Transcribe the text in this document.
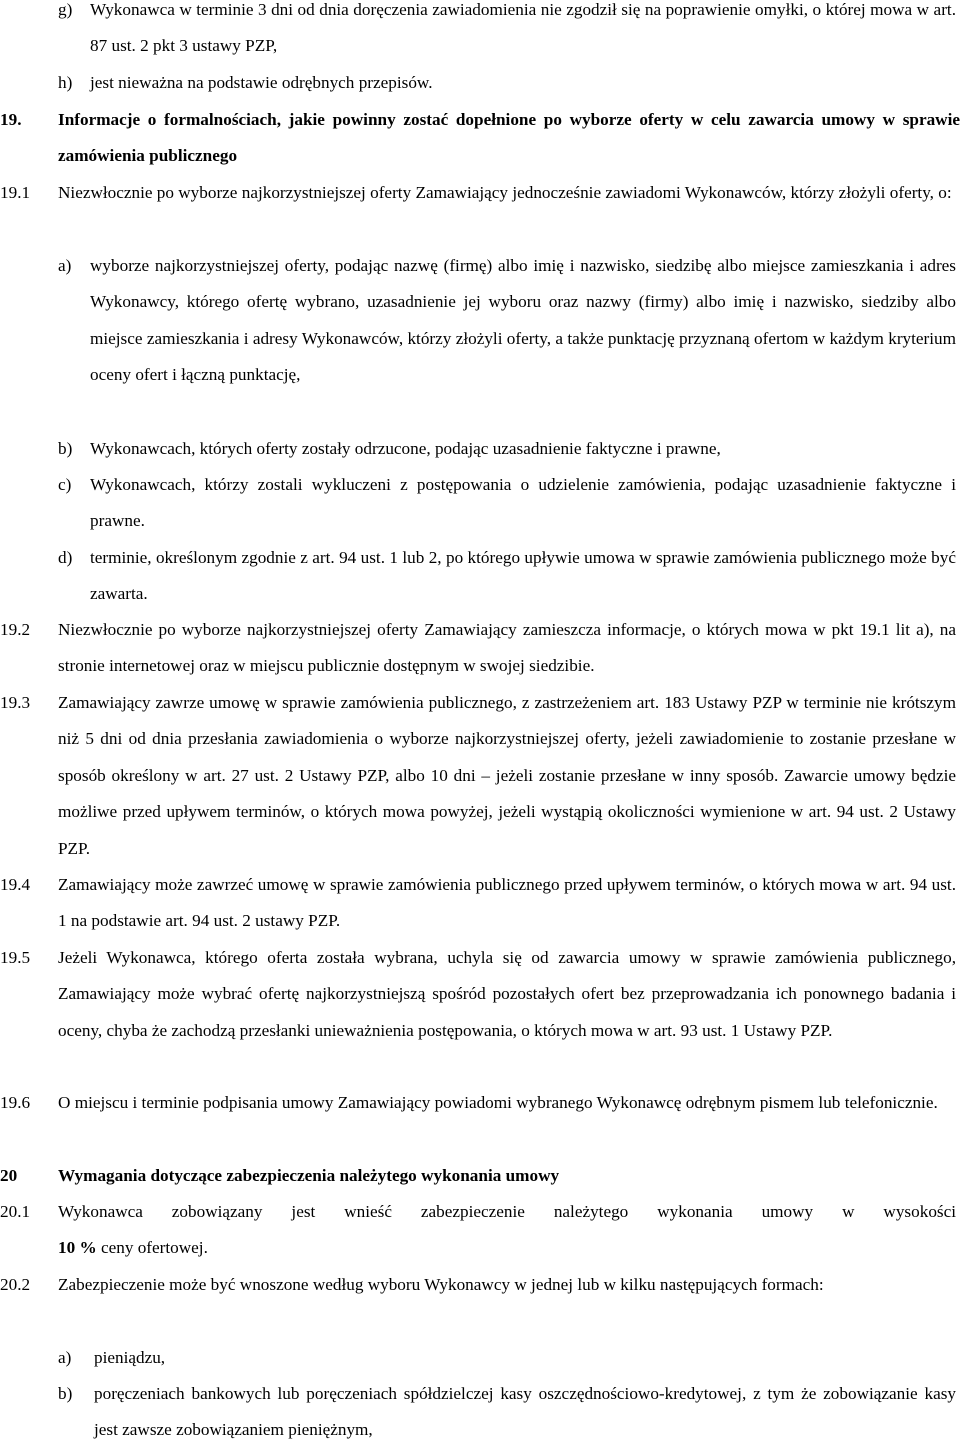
g) Wykonawca w terminie 3 dni od dnia doręczenia zawiadomienia nie zgodził się na poprawienie omyłki, o której mowa w art. 87 ust. 2 pkt 3 ustawy PZP,
h) jest nieważna na podstawie odrębnych przepisów.
19. Informacje o formalnościach, jakie powinny zostać dopełnione po wyborze oferty w celu zawarcia umowy w sprawie zamówienia publicznego
19.1 Niezwłocznie po wyborze najkorzystniejszej oferty Zamawiający jednocześnie zawiadomi Wykonawców, którzy złożyli oferty, o:
a) wyborze najkorzystniejszej oferty, podając nazwę (firmę) albo imię i nazwisko, siedzibę albo miejsce zamieszkania i adres Wykonawcy, którego ofertę wybrano, uzasadnienie jej wyboru oraz nazwy (firmy) albo imię i nazwisko, siedziby albo miejsce zamieszkania i adresy Wykonawców, którzy złożyli oferty, a także punktację przyznaną ofertom w każdym kryterium oceny ofert i łączną punktację,
b) Wykonawcach, których oferty zostały odrzucone, podając uzasadnienie faktyczne i prawne,
c) Wykonawcach, którzy zostali wykluczeni z postępowania o udzielenie zamówienia, podając uzasadnienie faktyczne i prawne.
d) terminie, określonym zgodnie z art. 94 ust. 1 lub 2, po którego upływie umowa w sprawie zamówienia publicznego może być zawarta.
19.2 Niezwłocznie po wyborze najkorzystniejszej oferty Zamawiający zamieszcza informacje, o których mowa w pkt 19.1 lit a), na stronie internetowej oraz w miejscu publicznie dostępnym w swojej siedzibie.
19.3 Zamawiający zawrze umowę w sprawie zamówienia publicznego, z zastrzeżeniem art. 183 Ustawy PZP w terminie nie krótszym niż 5 dni od dnia przesłania zawiadomienia o wyborze najkorzystniejszej oferty, jeżeli zawiadomienie to zostanie przesłane w sposób określony w art. 27 ust. 2 Ustawy PZP, albo 10 dni – jeżeli zostanie przesłane w inny sposób. Zawarcie umowy będzie możliwe przed upływem terminów, o których mowa powyżej, jeżeli wystąpią okoliczności wymienione w art. 94 ust. 2 Ustawy PZP.
19.4 Zamawiający może zawrzeć umowę w sprawie zamówienia publicznego przed upływem terminów, o których mowa w art. 94 ust. 1 na podstawie art. 94 ust. 2 ustawy PZP.
19.5 Jeżeli Wykonawca, którego oferta została wybrana, uchyla się od zawarcia umowy w sprawie zamówienia publicznego, Zamawiający może wybrać ofertę najkorzystniejszą spośród pozostałych ofert bez przeprowadzania ich ponownego badania i oceny, chyba że zachodzą przesłanki unieważnienia postępowania, o których mowa w art. 93 ust. 1 Ustawy PZP.
19.6 O miejscu i terminie podpisania umowy Zamawiający powiadomi wybranego Wykonawcę odrębnym pismem lub telefonicznie.
20 Wymagania dotyczące zabezpieczenia należytego wykonania umowy
20.1 Wykonawca zobowiązany jest wnieść zabezpieczenie należytego wykonania umowy w wysokości
10 % ceny ofertowej.
20.2 Zabezpieczenie może być wnoszone według wyboru Wykonawcy w jednej lub w kilku następujących formach:
a) pieniądzu,
b) poręczeniach bankowych lub poręczeniach spółdzielczej kasy oszczędnościowo-kredytowej, z tym że zobowiązanie kasy jest zawsze zobowiązaniem pieniężnym,
